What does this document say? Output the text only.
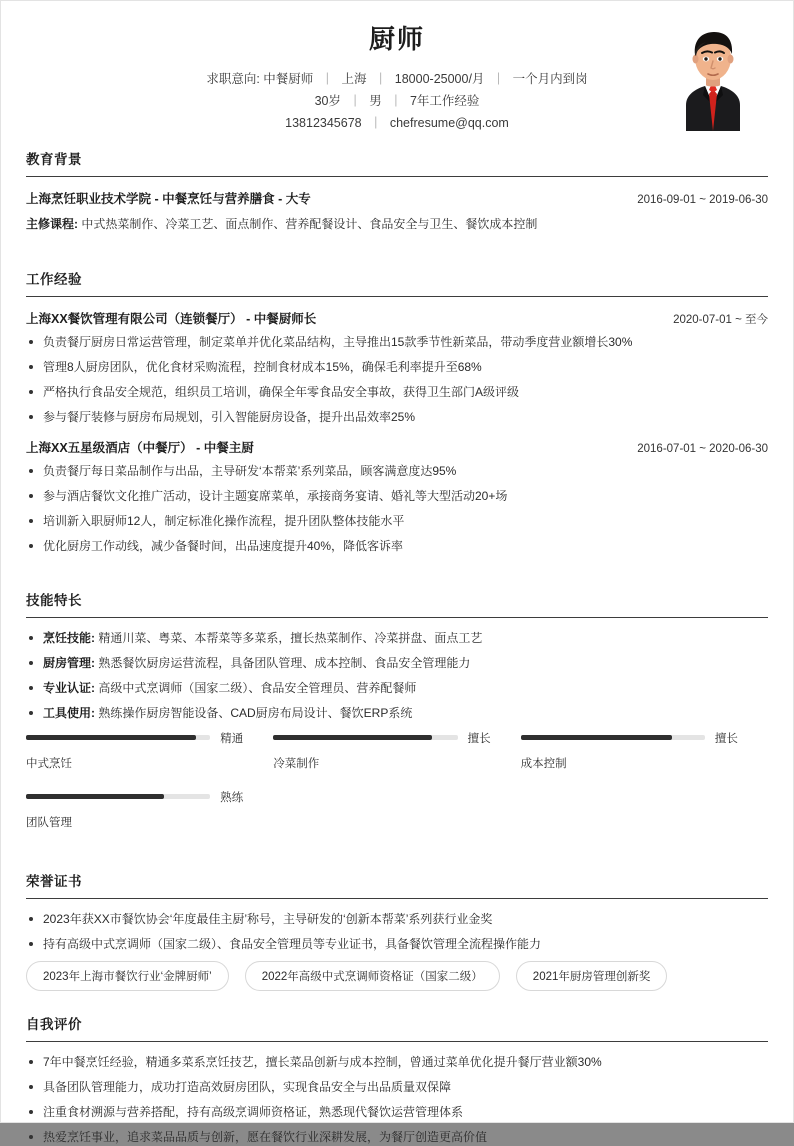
厨师
求职意向: 中餐厨师 | 上海 | 18000-25000/月 | 一个月内到岗
30岁 | 男 | 7年工作经验
13812345678 | chefresume@qq.com
教育背景
上海烹饪职业技术学院 - 中餐烹饪与营养膳食 - 大专	2016-09-01 ~ 2019-06-30
主修课程: 中式热菜制作、冷菜工艺、面点制作、营养配餐设计、食品安全与卫生、餐饮成本控制
工作经验
上海XX餐饮管理有限公司（连锁餐厅） - 中餐厨师长	2020-07-01 ~ 至今
负责餐厅厨房日常运营管理，制定菜单并优化菜品结构，主导推出15款季节性新菜品，带动季度营业额增长30%
管理8人厨房团队，优化食材采购流程，控制食材成本15%，确保毛利率提升至68%
严格执行食品安全规范，组织员工培训，确保全年零食品安全事故，获得卫生部门A级评级
参与餐厅装修与厨房布局规划，引入智能厨房设备，提升出品效率25%
上海XX五星级酒店（中餐厅） - 中餐主厨	2016-07-01 ~ 2020-06-30
负责餐厅每日菜品制作与出品，主导研发‘本帮菜’系列菜品，顾客满意度达95%
参与酒店餐饮文化推广活动，设计主题宴席菜单，承接商务宴请、婚礼等大型活动20+场
培训新入职厨师12人，制定标准化操作流程，提升团队整体技能水平
优化厨房工作动线，减少备餐时间，出品速度提升40%，降低客诉率
技能特长
烹饪技能: 精通川菜、粤菜、本帮菜等多菜系，擅长热菜制作、冷菜拼盘、面点工艺
厨房管理: 熟悉餐饮厨房运营流程，具备团队管理、成本控制、食品安全管理能力
专业认证: 高级中式烹调师（国家二级）、食品安全管理员、营养配餐师
工具使用: 熟练操作厨房智能设备、CAD厨房布局设计、餐饮ERP系统
精通
中式烹饪
擅长
冷菜制作
擅长
成本控制
熟练
团队管理
荣誉证书
2023年获XX市餐饮协会‘年度最佳主厨’称号，主导研发的‘创新本帮菜’系列获行业金奖
持有高级中式烹调师（国家二级）、食品安全管理员等专业证书，具备餐饮管理全流程操作能力
2023年上海市餐饮行业‘金牌厨师’	2022年高级中式烹调师资格证（国家二级）	2021年厨房管理创新奖
自我评价
7年中餐烹饪经验，精通多菜系烹饪技艺，擅长菜品创新与成本控制，曾通过菜单优化提升餐厅营业额30%
具备团队管理能力，成功打造高效厨房团队，实现食品安全与出品质量双保障
注重食材溯源与营养搭配，持有高级烹调师资格证，熟悉现代餐饮运营管理体系
热爱烹饪事业，追求菜品品质与创新，愿在餐饮行业深耕发展，为餐厅创造更高价值
